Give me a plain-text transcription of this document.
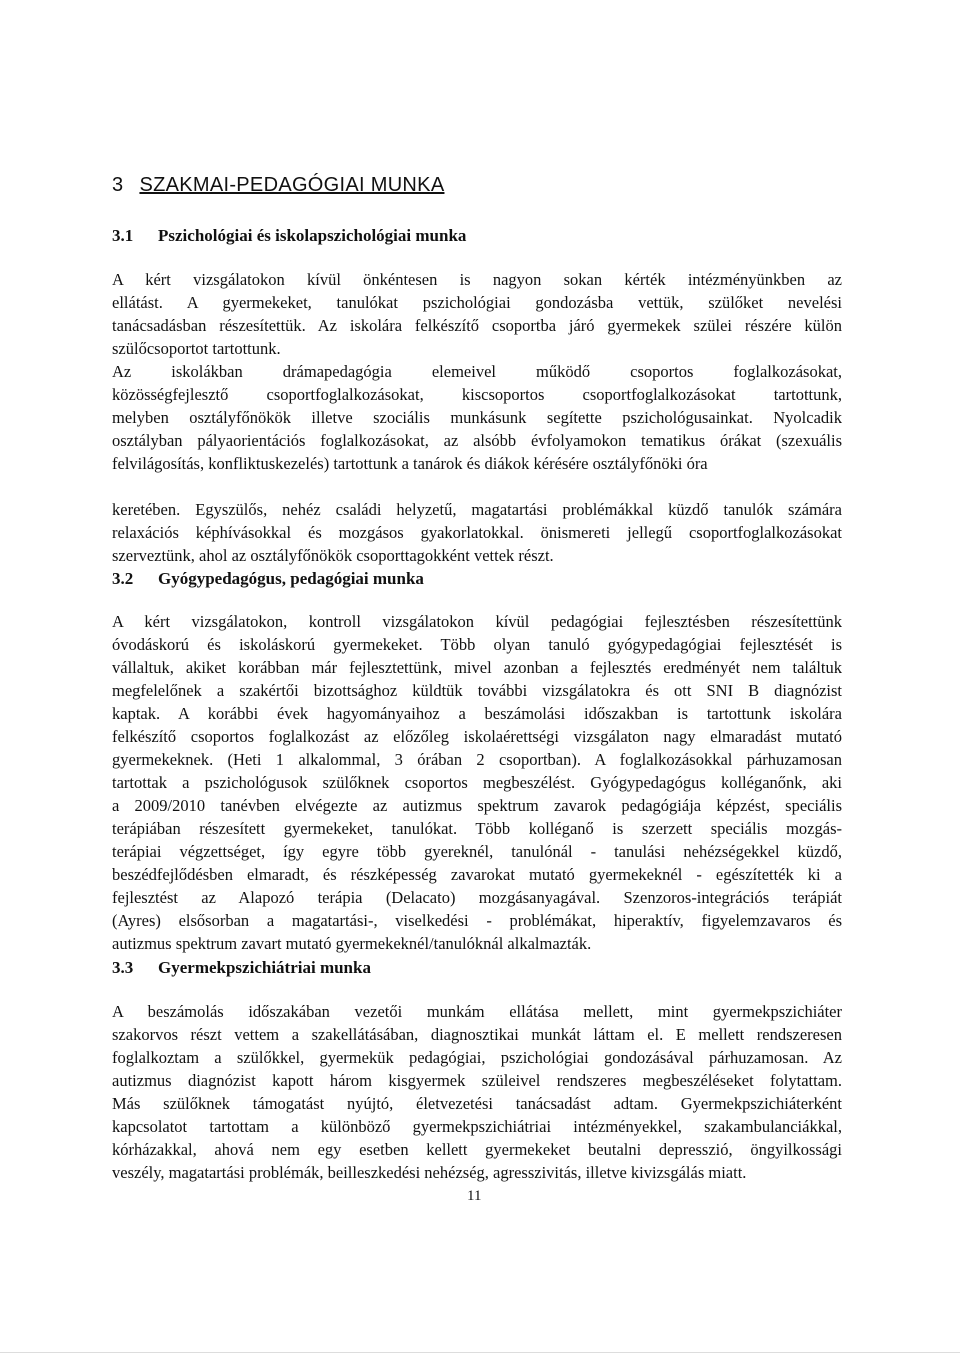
3 SZAKMAI-PEDAGÓGIAI MUNKA
3.1 Pszichológiai és iskolapszichológiai munka
A kért vizsgálatokon kívül önkéntesen is nagyon sokan kérték intézményünkben az
ellátást. A gyermekeket, tanulókat pszichológiai gondozásba vettük, szülőket nevelési
tanácsadásban részesítettük. Az iskolára felkészítő csoportba járó gyermekek szülei részére külön
szülőcsoportot tartottunk.
Az iskolákban drámapedagógia elemeivel működő csoportos foglalkozásokat,
közösségfejlesztő csoportfoglalkozásokat, kiscsoportos csoportfoglalkozásokat tartottunk,
melyben osztályfőnökök illetve szociális munkásunk segítette pszichológusainkat. Nyolcadik
osztályban pályaorientációs foglalkozásokat, az alsóbb évfolyamokon tematikus órákat (szexuális
felvilágosítás, konfliktuskezelés) tartottunk a tanárok és diákok kérésére osztályfőnöki óra
keretében. Egyszülős, nehéz családi helyzetű, magatartási problémákkal küzdő tanulók számára
relaxációs képhívásokkal és mozgásos gyakorlatokkal. önismereti jellegű csoportfoglalkozásokat
szerveztünk, ahol az osztályfőnökök csoporttagokként vettek részt.
3.2 Gyógypedagógus, pedagógiai munka
A kért vizsgálatokon, kontroll vizsgálatokon kívül pedagógiai fejlesztésben részesítettünk
óvodáskorú és iskoláskorú gyermekeket. Több olyan tanuló gyógypedagógiai fejlesztését is
vállaltuk, akiket korábban már fejlesztettünk, mivel azonban a fejlesztés eredményét nem találtuk
megfelelőnek a szakértői bizottsághoz küldtük további vizsgálatokra és ott SNI B diagnózist
kaptak. A korábbi évek hagyományaihoz a beszámolási időszakban is tartottunk iskolára
felkészítő csoportos foglalkozást az előzőleg iskolaérettségi vizsgálaton nagy elmaradást mutató
gyermekeknek. (Heti 1 alkalommal, 3 órában 2 csoportban). A foglalkozásokkal párhuzamosan
tartottak a pszichológusok szülőknek csoportos megbeszélést. Gyógypedagógus kolléganőnk, aki
a 2009/2010 tanévben elvégezte az autizmus spektrum zavarok pedagógiája képzést, speciális
terápiában részesített gyermekeket, tanulókat. Több kolléganő is szerzett speciális mozgás-
terápiai végzettséget, így egyre több gyereknél, tanulónál - tanulási nehézségekkel küzdő,
beszédfejlődésben elmaradt, és részképesség zavarokat mutató gyermekeknél - egészítették ki a
fejlesztést az Alapozó terápia (Delacato) mozgásanyagával. Szenzoros-integrációs terápiát
(Ayres) elsősorban a magatartási-, viselkedési - problémákat, hiperaktív, figyelemzavaros és
autizmus spektrum zavart mutató gyermekeknél/tanulóknál alkalmazták.
3.3 Gyermekpszichiátriai munka
A beszámolás időszakában vezetői munkám ellátása mellett, mint gyermekpszichiáter
szakorvos részt vettem a szakellátásában, diagnosztikai munkát láttam el. E mellett rendszeresen
foglalkoztam a szülőkkel, gyermekük pedagógiai, pszichológiai gondozásával párhuzamosan. Az
autizmus diagnózist kapott három kisgyermek szüleivel rendszeres megbeszéléseket folytattam.
Más szülőknek támogatást nyújtó, életvezetési tanácsadást adtam. Gyermekpszichiáterként
kapcsolatot tartottam a különböző gyermekpszichiátriai intézményekkel, szakambulanciákkal,
kórházakkal, ahová nem egy esetben kellett gyermekeket beutalni depresszió, öngyilkossági
veszély, magatartási problémák, beilleszkedési nehézség, agresszivitás, illetve kivizsgálás miatt.
11
